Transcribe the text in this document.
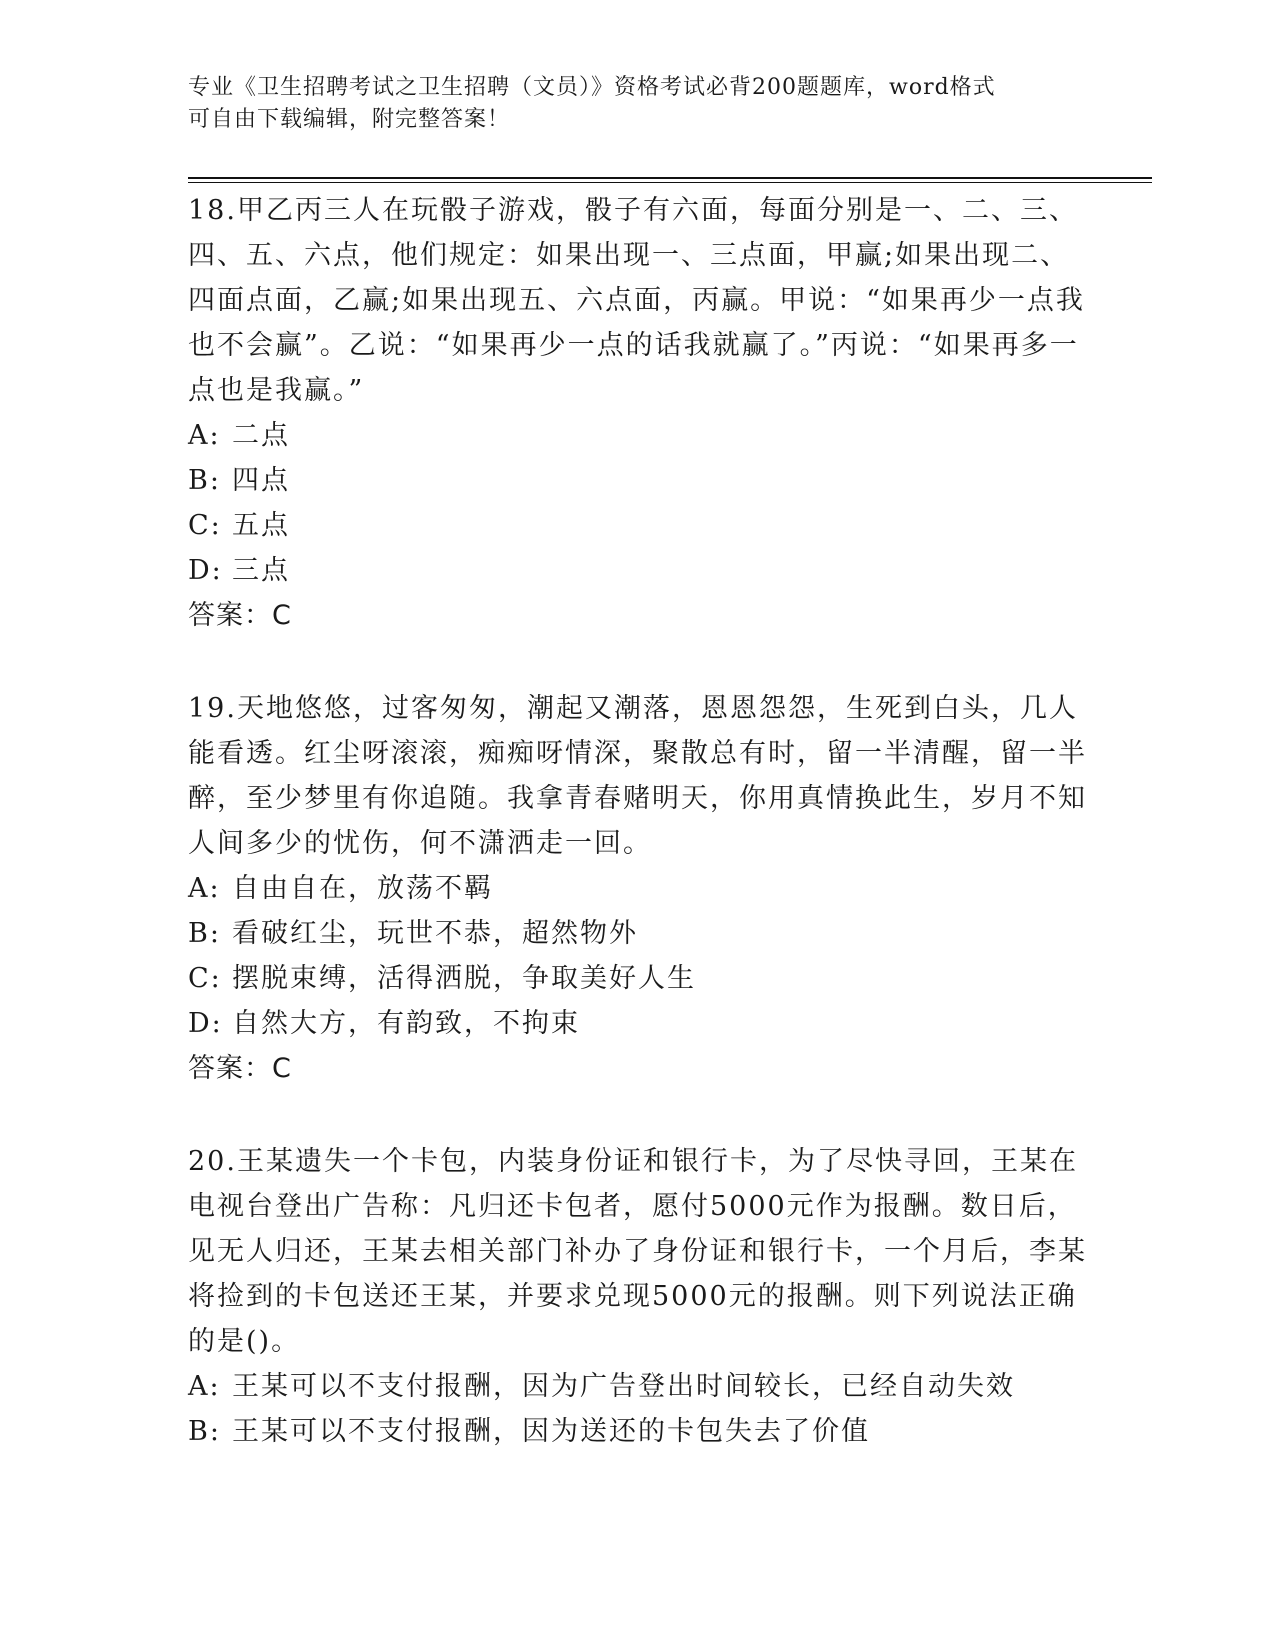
专业《卫生招聘考试之卫生招聘（文员）》资格考试必背200题题库，word格式
可自由下载编辑，附完整答案！

18.甲乙丙三人在玩骰子游戏，骰子有六面，每面分别是一、二、三、四、五、六点，他们规定：如果出现一、三点面，甲赢;如果出现二、四面点面，乙赢;如果出现五、六点面，丙赢。甲说：“如果再少一点我也不会赢”。乙说：“如果再少一点的话我就赢了。”丙说：“如果再多一点也是我赢。”

A: 二点

B: 四点

C: 五点

D: 三点

答案：C

19.天地悠悠，过客匆匆，潮起又潮落，恩恩怨怨，生死到白头，几人能看透。红尘呀滚滚，痴痴呀情深，聚散总有时，留一半清醒，留一半醉，至少梦里有你追随。我拿青春赌明天，你用真情换此生，岁月不知人间多少的忧伤，何不潇洒走一回。

A: 自由自在，放荡不羁

B: 看破红尘，玩世不恭，超然物外

C: 摆脱束缚，活得洒脱，争取美好人生

D: 自然大方，有韵致，不拘束

答案：C

20.王某遗失一个卡包，内装身份证和银行卡，为了尽快寻回，王某在电视台登出广告称：凡归还卡包者，愿付5000元作为报酬。数日后，见无人归还，王某去相关部门补办了身份证和银行卡，一个月后，李某将捡到的卡包送还王某，并要求兑现5000元的报酬。则下列说法正确的是()。

A: 王某可以不支付报酬，因为广告登出时间较长，已经自动失效

B: 王某可以不支付报酬，因为送还的卡包失去了价值
